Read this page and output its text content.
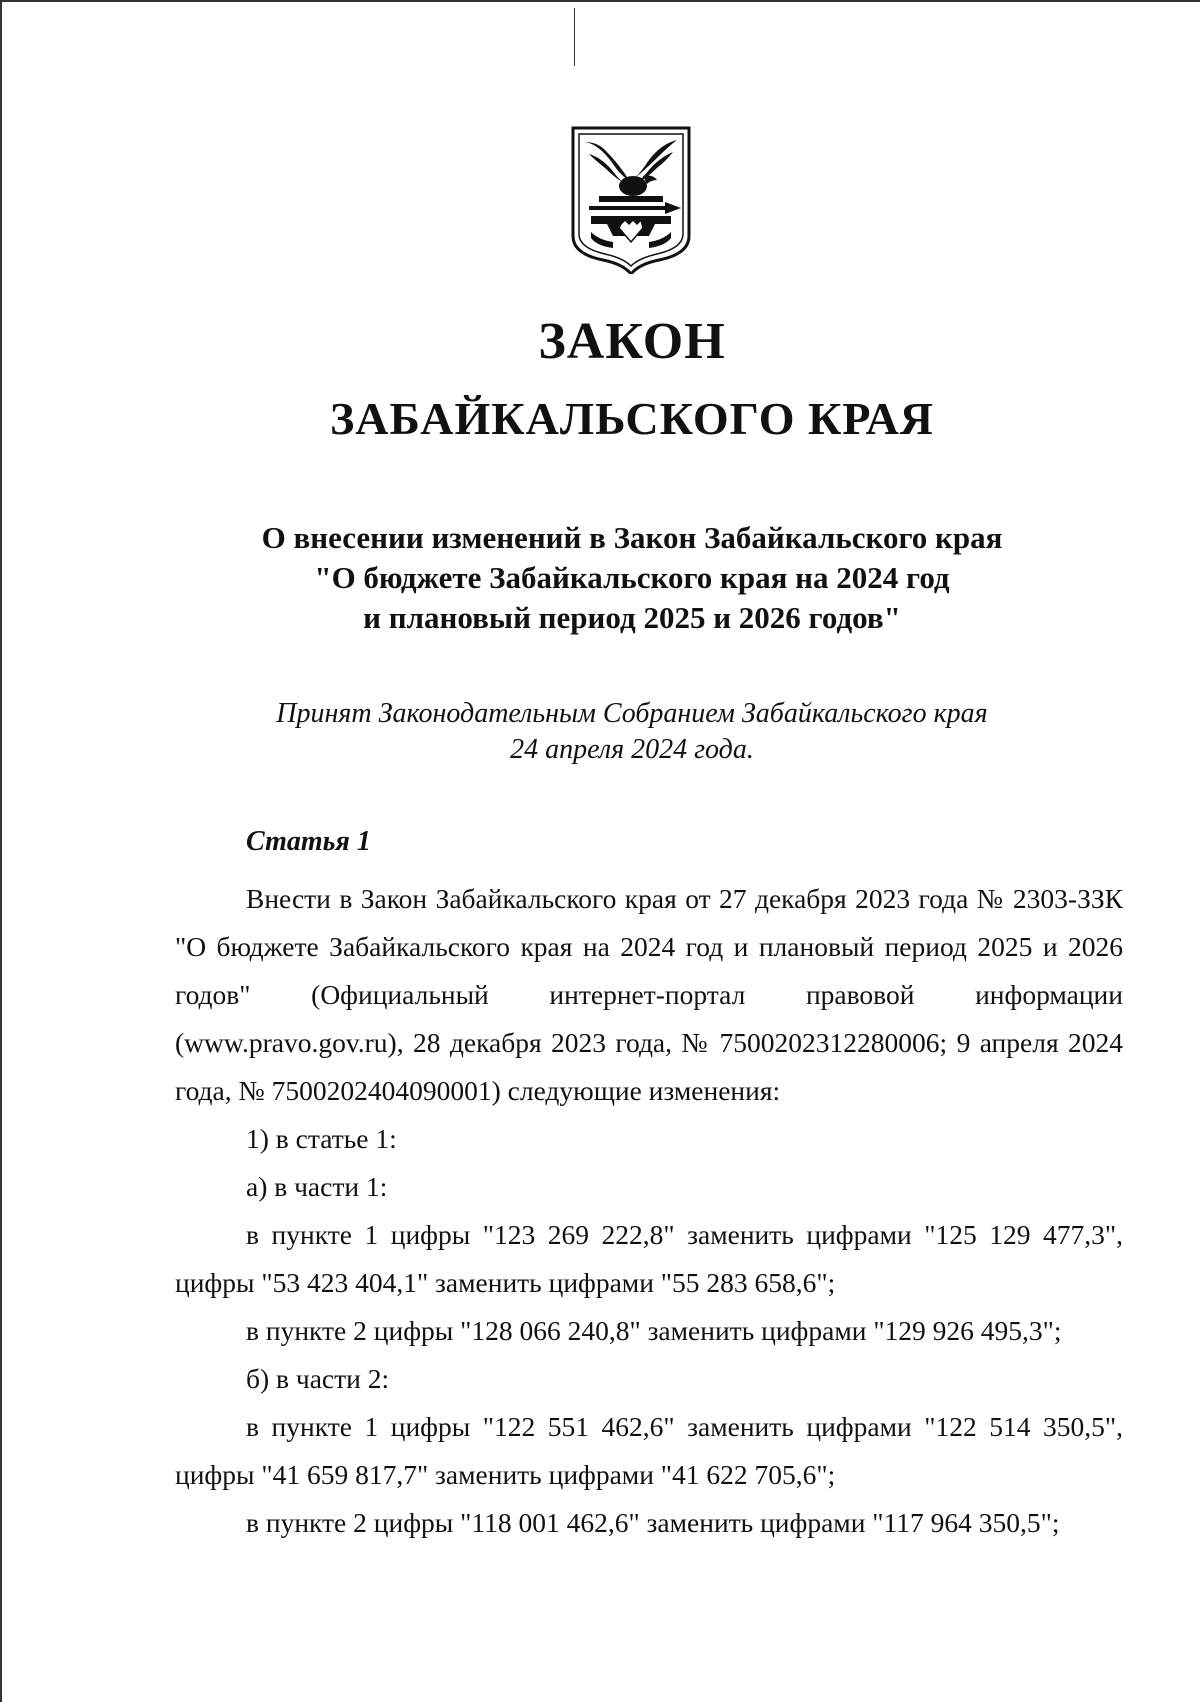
ЗАКОН
ЗАБАЙКАЛЬСКОГО КРАЯ
О внесении изменений в Закон Забайкальского края
"О бюджете Забайкальского края на 2024 год
и плановый период 2025 и 2026 годов"
Принят Законодательным Собранием Забайкальского края
24 апреля 2024 года.
Статья 1

Внести в Закон Забайкальского края от 27 декабря 2023 года № 2303-ЗЗК "О бюджете Забайкальского края на 2024 год и плановый период 2025 и 2026 годов" (Официальный интернет-портал правовой информации (www.pravo.gov.ru), 28 декабря 2023 года, № 7500202312280006; 9 апреля 2024 года, № 7500202404090001) следующие изменения:

1) в статье 1:

а) в части 1:

в пункте 1 цифры "123 269 222,8" заменить цифрами "125 129 477,3", цифры "53 423 404,1" заменить цифрами "55 283 658,6";

в пункте 2 цифры "128 066 240,8" заменить цифрами "129 926 495,3";

б) в части 2:

в пункте 1 цифры "122 551 462,6" заменить цифрами "122 514 350,5", цифры "41 659 817,7" заменить цифрами "41 622 705,6";

в пункте 2 цифры "118 001 462,6" заменить цифрами "117 964 350,5";
